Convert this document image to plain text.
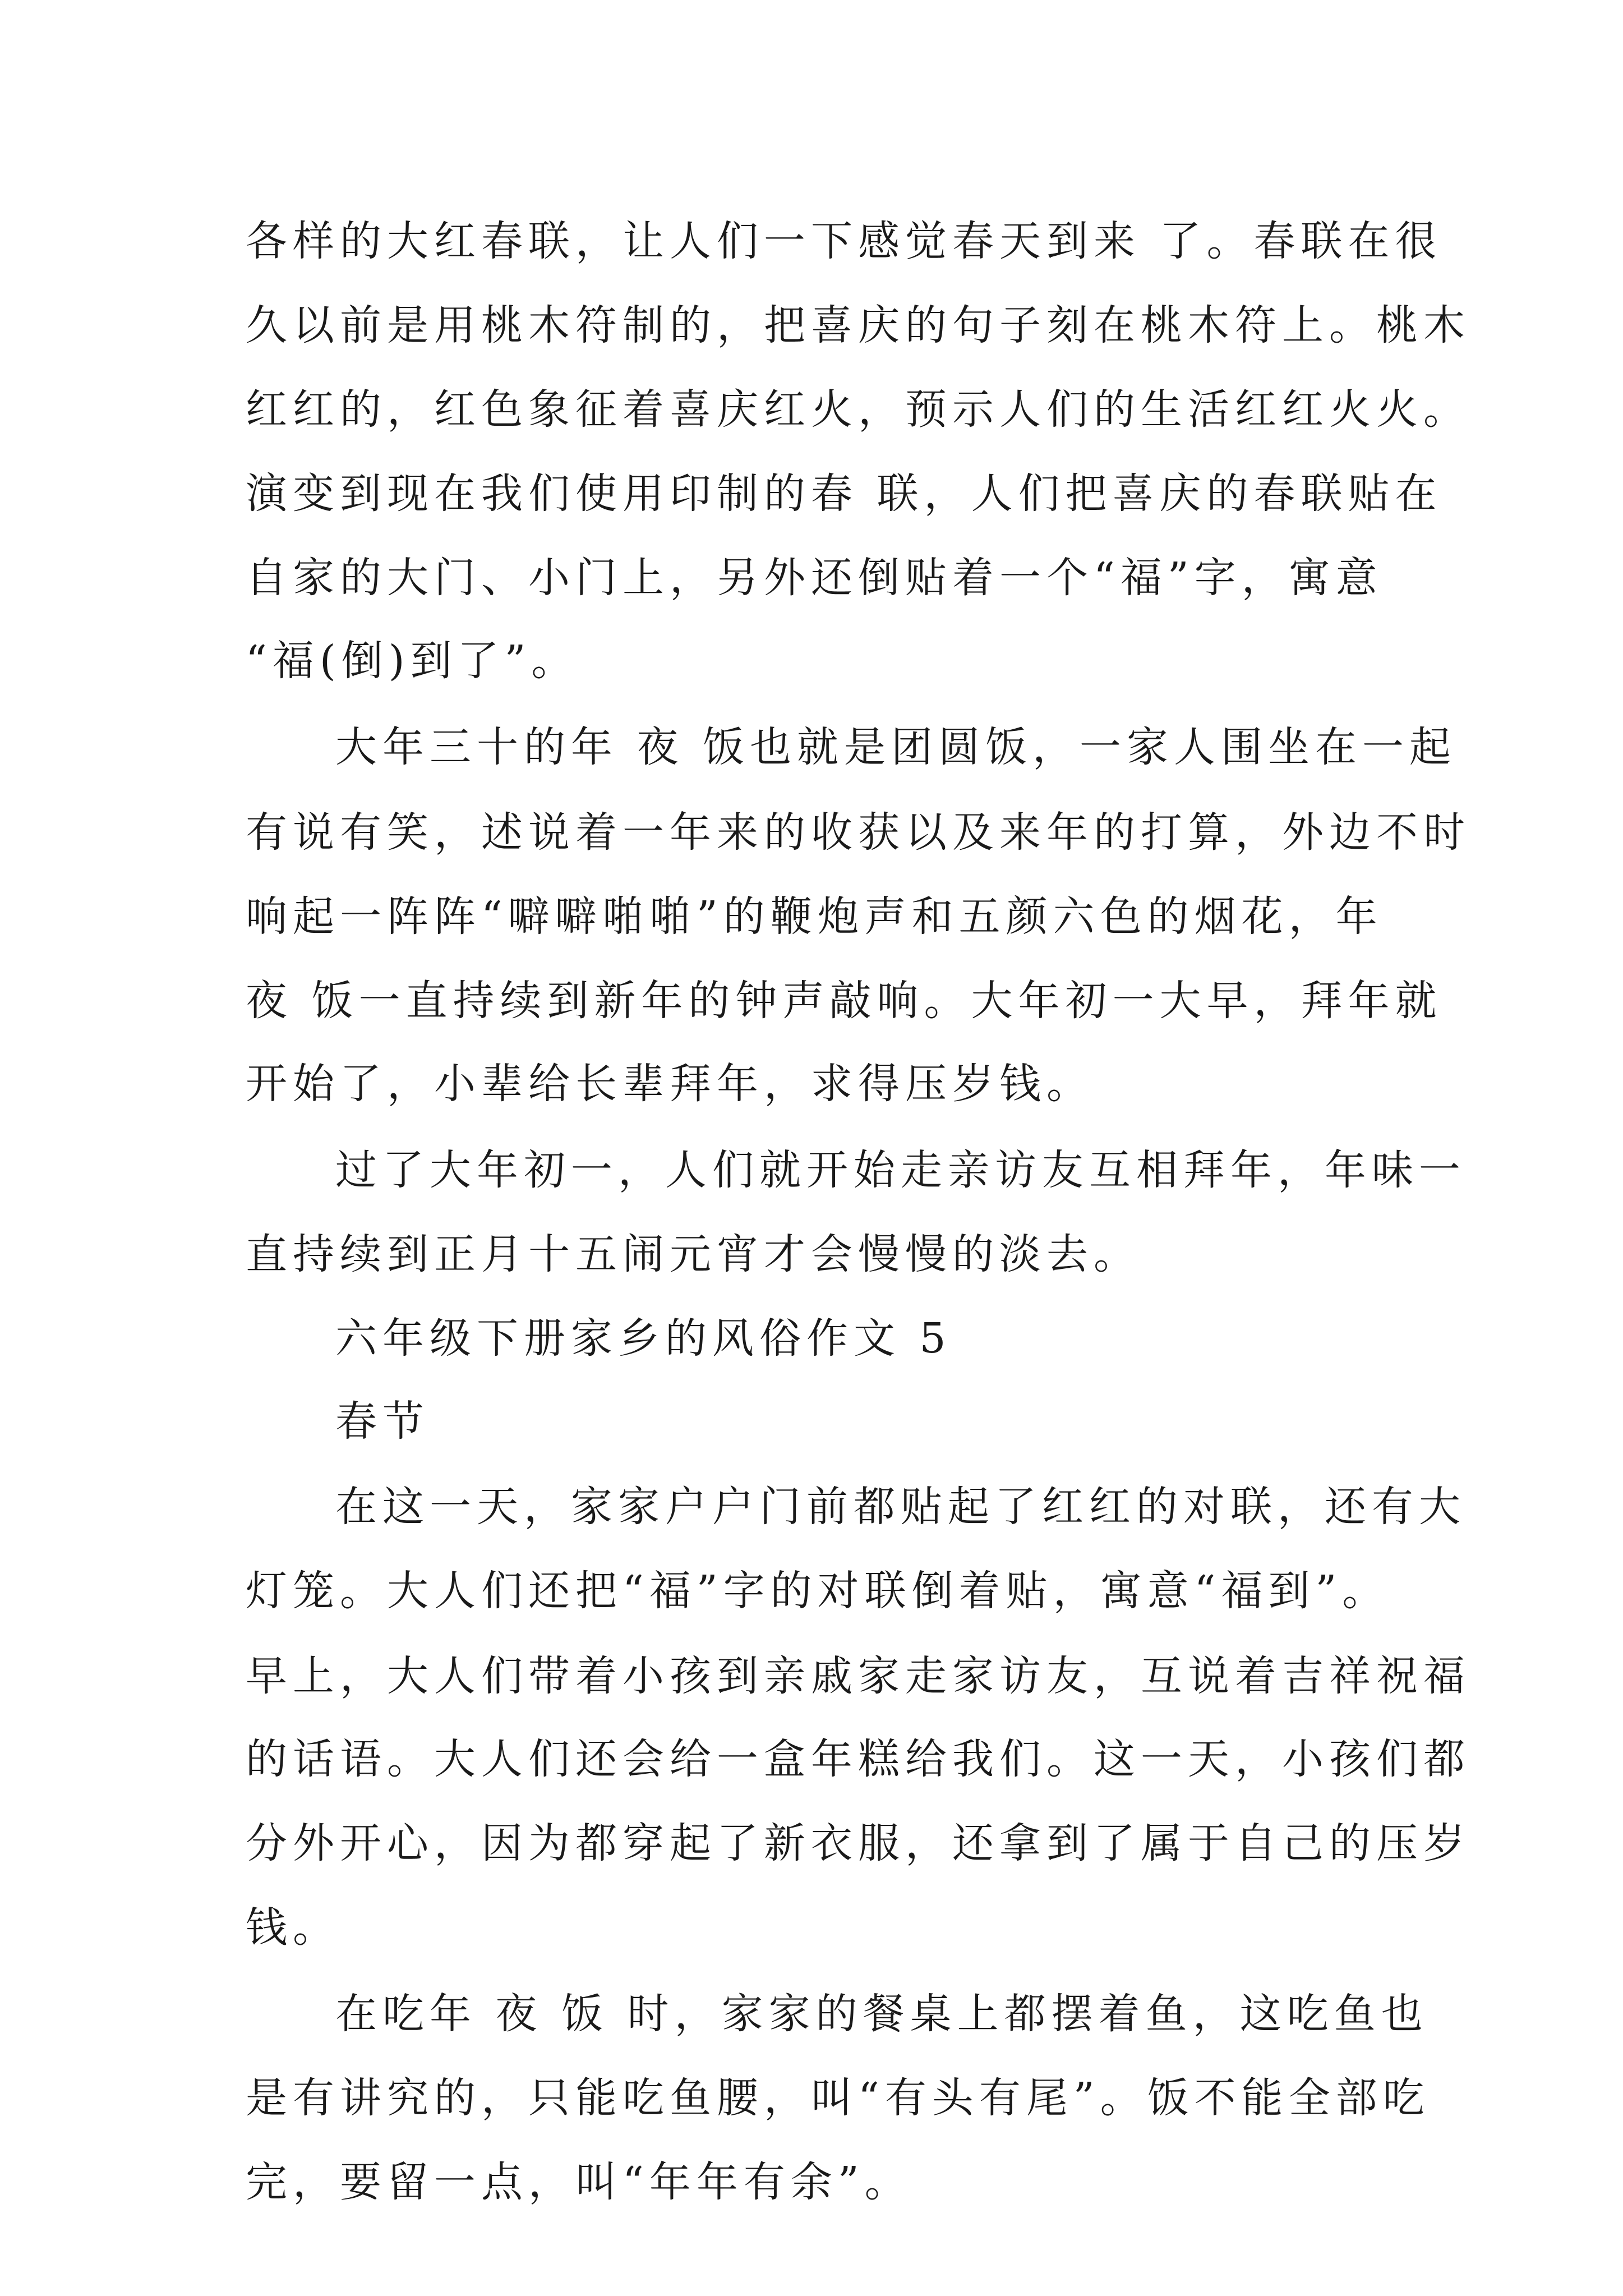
各样的大红春联，让人们一下感觉春天到来 了。春联在很
久以前是用桃木符制的，把喜庆的句子刻在桃木符上。桃木
红红的，红色象征着喜庆红火，预示人们的生活红红火火。
演变到现在我们使用印制的春 联，人们把喜庆的春联贴在
自家的大门、小门上，另外还倒贴着一个“福”字，寓意
“福(倒)到了”。
大年三十的年 夜 饭也就是团圆饭，一家人围坐在一起
有说有笑，述说着一年来的收获以及来年的打算，外边不时
响起一阵阵“噼噼啪啪”的鞭炮声和五颜六色的烟花，年
夜 饭一直持续到新年的钟声敲响。大年初一大早，拜年就
开始了，小辈给长辈拜年，求得压岁钱。
过了大年初一，人们就开始走亲访友互相拜年，年味一
直持续到正月十五闹元宵才会慢慢的淡去。
六年级下册家乡的风俗作文 5
春节
在这一天，家家户户门前都贴起了红红的对联，还有大
灯笼。大人们还把“福”字的对联倒着贴，寓意“福到”。
早上，大人们带着小孩到亲戚家走家访友，互说着吉祥祝福
的话语。大人们还会给一盒年糕给我们。这一天，小孩们都
分外开心，因为都穿起了新衣服，还拿到了属于自己的压岁
钱。
在吃年 夜 饭 时，家家的餐桌上都摆着鱼，这吃鱼也
是有讲究的，只能吃鱼腰，叫“有头有尾”。饭不能全部吃
完，要留一点，叫“年年有余”。
